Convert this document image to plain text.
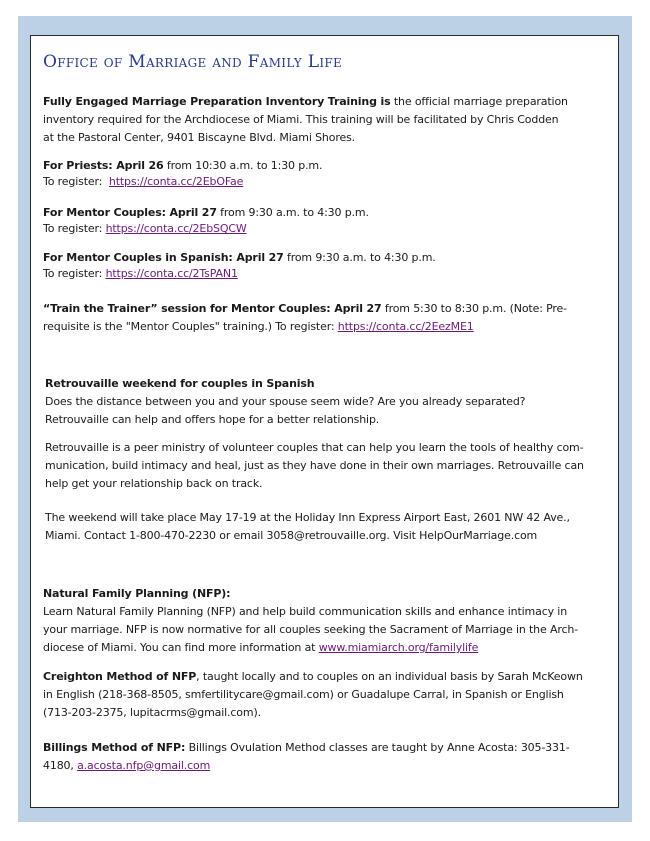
Office of Marriage and Family Life

Fully Engaged Marriage Preparation Inventory Training is the official marriage preparation
inventory required for the Archdiocese of Miami. This training will be facilitated by Chris Codden
at the Pastoral Center, 9401 Biscayne Blvd. Miami Shores.

For Priests: April 26 from 10:30 a.m. to 1:30 p.m.
To register:  https://conta.cc/2EbOFae

For Mentor Couples: April 27 from 9:30 a.m. to 4:30 p.m.
To register: https://conta.cc/2EbSQCW

For Mentor Couples in Spanish: April 27 from 9:30 a.m. to 4:30 p.m.
To register: https://conta.cc/2TsPAN1

“Train the Trainer” session for Mentor Couples: April 27 from 5:30 to 8:30 p.m. (Note: Pre-
requisite is the "Mentor Couples" training.) To register: https://conta.cc/2EezME1

Retrouvaille weekend for couples in Spanish
Does the distance between you and your spouse seem wide? Are you already separated?
Retrouvaille can help and offers hope for a better relationship.

Retrouvaille is a peer ministry of volunteer couples that can help you learn the tools of healthy com-
munication, build intimacy and heal, just as they have done in their own marriages. Retrouvaille can
help get your relationship back on track.

The weekend will take place May 17-19 at the Holiday Inn Express Airport East, 2601 NW 42 Ave.,
Miami. Contact 1-800-470-2230 or email 3058@retrouvaille.org. Visit HelpOurMarriage.com

Natural Family Planning (NFP):
Learn Natural Family Planning (NFP) and help build communication skills and enhance intimacy in
your marriage. NFP is now normative for all couples seeking the Sacrament of Marriage in the Arch-
diocese of Miami. You can find more information at www.miamiarch.org/familylife

Creighton Method of NFP, taught locally and to couples on an individual basis by Sarah McKeown
in English (218-368-8505, smfertilitycare@gmail.com) or Guadalupe Carral, in Spanish or English
(713-203-2375, lupitacrms@gmail.com).

Billings Method of NFP: Billings Ovulation Method classes are taught by Anne Acosta: 305-331-
4180, a.acosta.nfp@gmail.com
